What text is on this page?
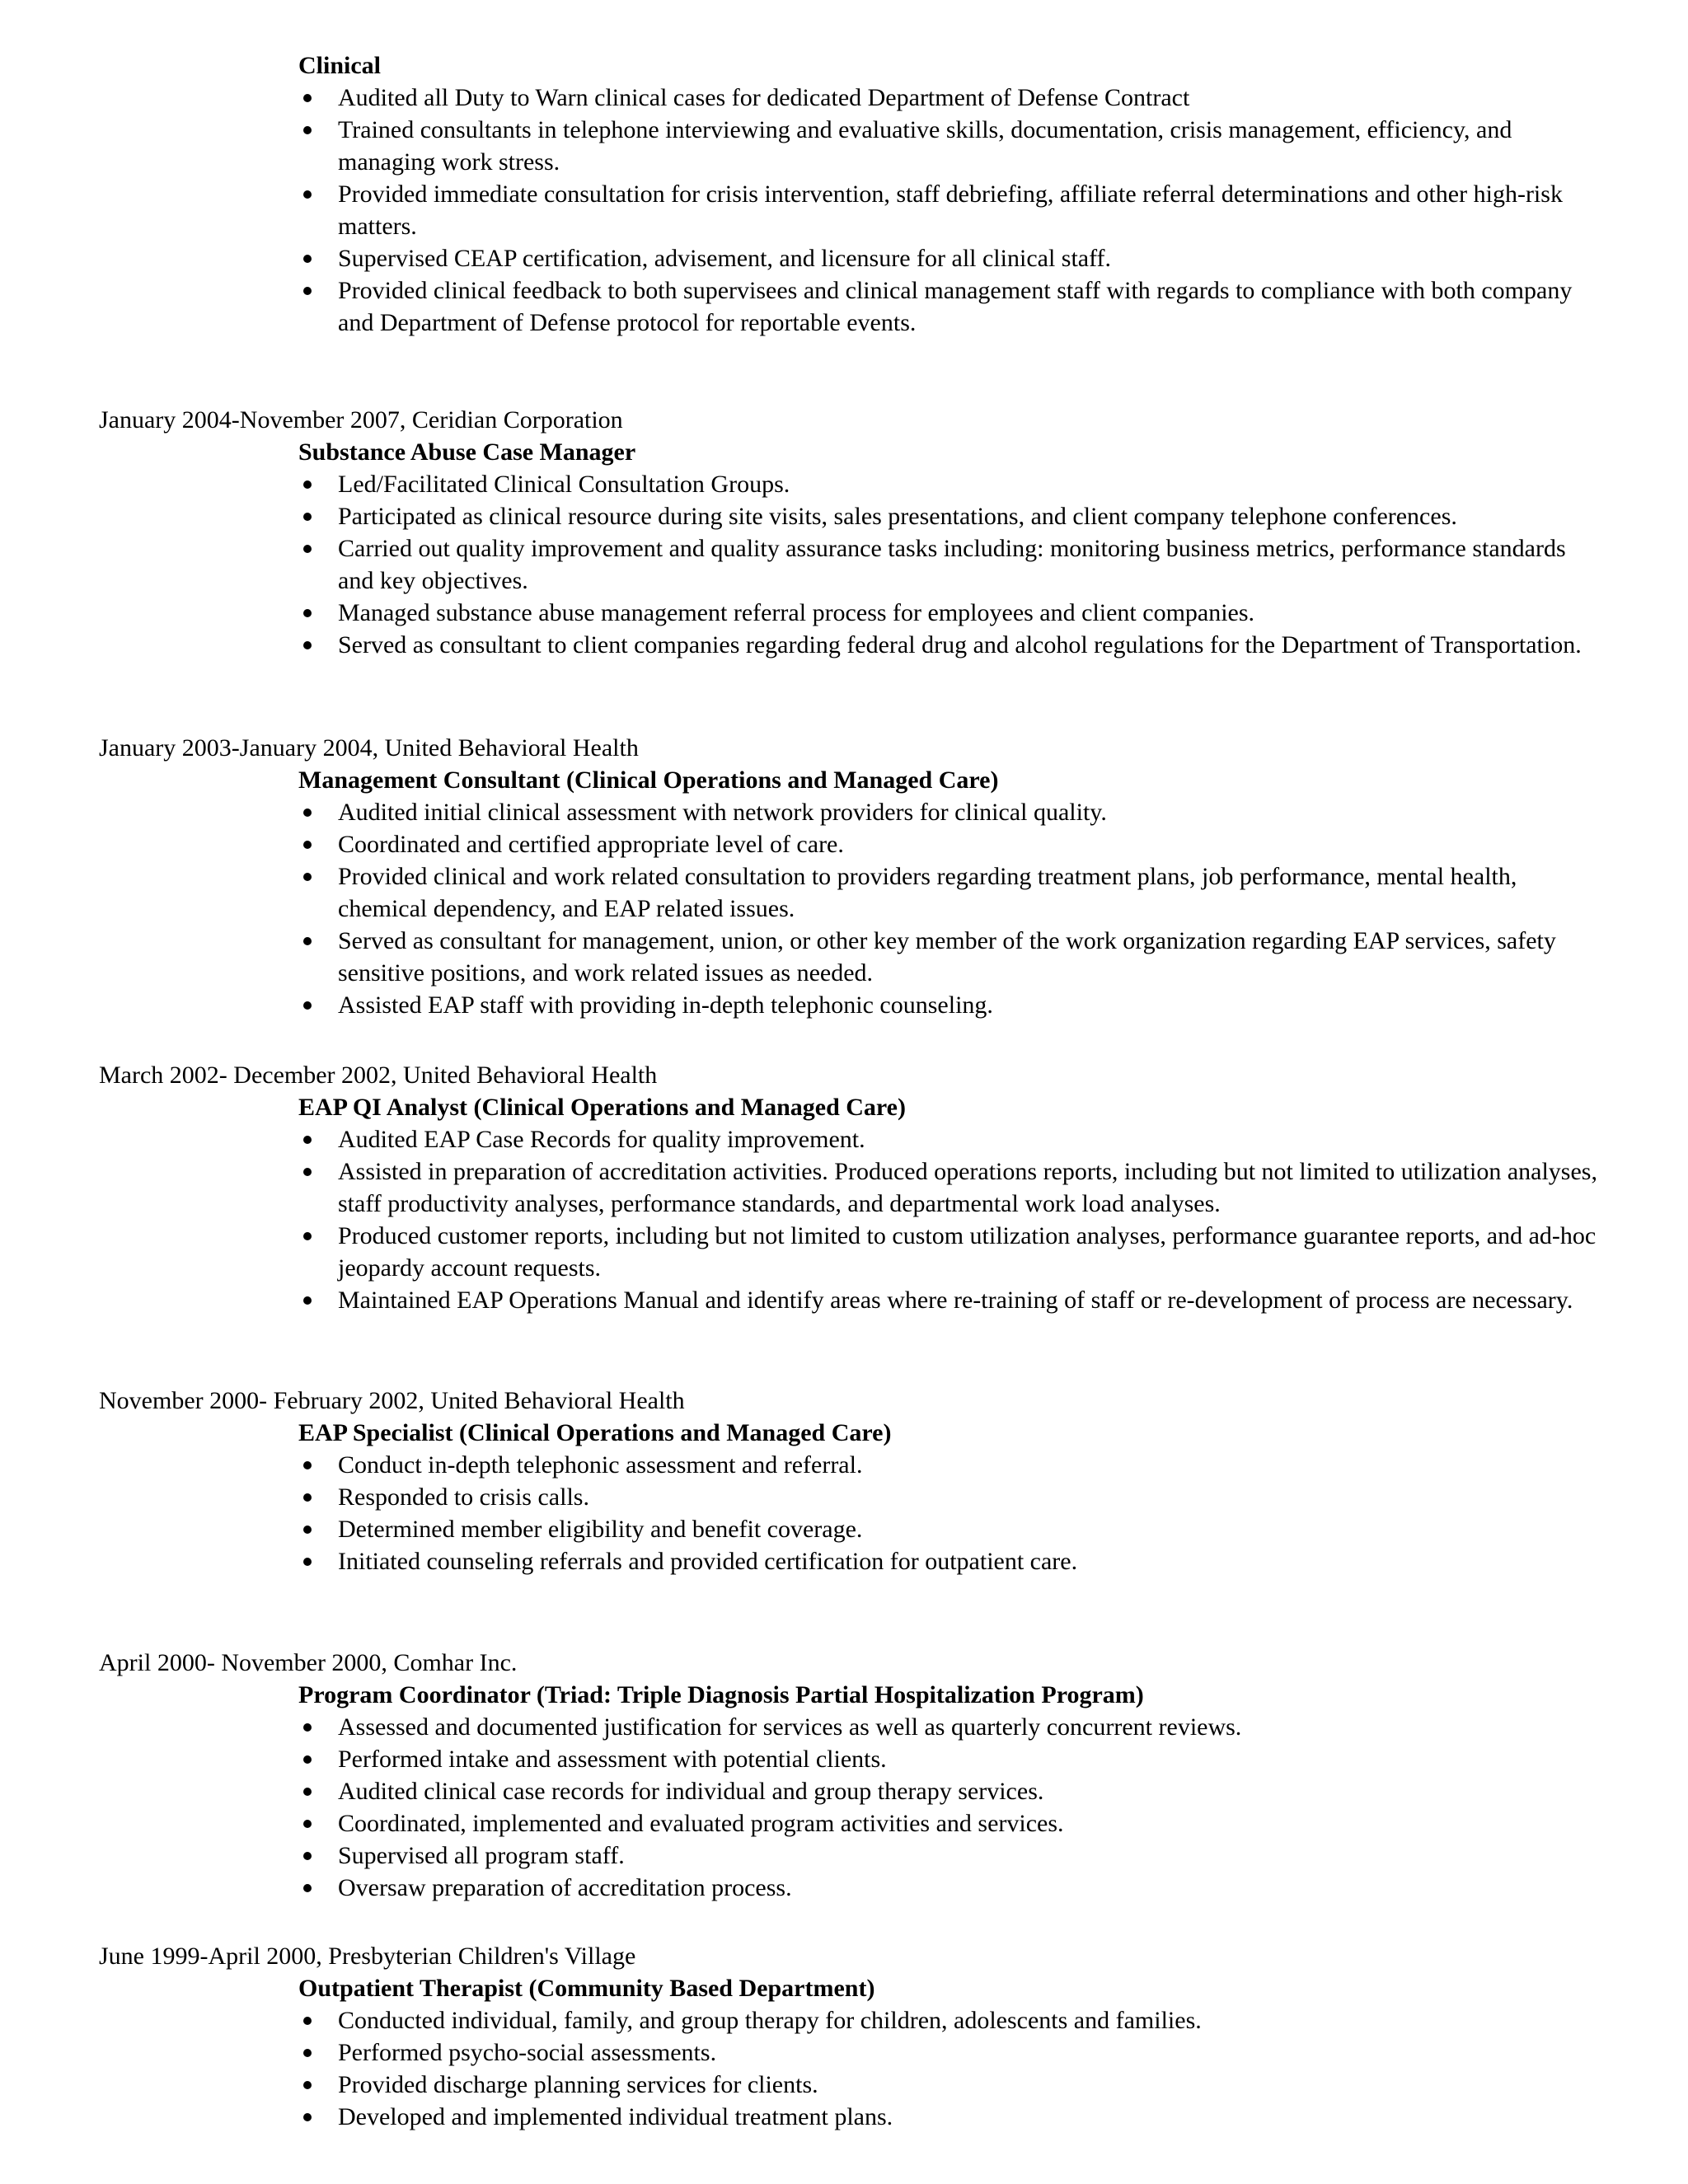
Clinical
Audited all Duty to Warn clinical cases for dedicated Department of Defense Contract
Trained consultants in telephone interviewing and evaluative skills, documentation, crisis management, efficiency, and managing work stress.
Provided immediate consultation for crisis intervention, staff debriefing, affiliate referral determinations and other high-risk matters.
Supervised CEAP certification, advisement, and licensure for all clinical staff.
Provided clinical feedback to both supervisees and clinical management staff with regards to compliance with both company and Department of Defense protocol for reportable events.
January 2004-November 2007, Ceridian Corporation
Substance Abuse Case Manager
Led/Facilitated Clinical Consultation Groups.
Participated as clinical resource during site visits, sales presentations, and client company telephone conferences.
Carried out quality improvement and quality assurance tasks including: monitoring business metrics, performance standards and key objectives.
Managed substance abuse management referral process for employees and client companies.
Served as consultant to client companies regarding federal drug and alcohol regulations for the Department of Transportation.
January 2003-January 2004, United Behavioral Health
Management Consultant (Clinical Operations and Managed Care)
Audited initial clinical assessment with network providers for clinical quality.
Coordinated and certified appropriate level of care.
Provided clinical and work related consultation to providers regarding treatment plans, job performance, mental health, chemical dependency, and EAP related issues.
Served as consultant for management, union, or other key member of the work organization regarding EAP services, safety sensitive positions, and work related issues as needed.
Assisted EAP staff with providing in-depth telephonic counseling.
March 2002- December 2002, United Behavioral Health
EAP QI Analyst (Clinical Operations and Managed Care)
Audited EAP Case Records for quality improvement.
Assisted in preparation of accreditation activities. Produced operations reports, including but not limited to utilization analyses, staff productivity analyses, performance standards, and departmental work load analyses.
Produced customer reports, including but not limited to custom utilization analyses, performance guarantee reports, and ad-hoc jeopardy account requests.
Maintained EAP Operations Manual and identify areas where re-training of staff or re-development of process are necessary.
November 2000- February 2002, United Behavioral Health
EAP Specialist (Clinical Operations and Managed Care)
Conduct in-depth telephonic assessment and referral.
Responded to crisis calls.
Determined member eligibility and benefit coverage.
Initiated counseling referrals and provided certification for outpatient care.
April 2000- November 2000, Comhar Inc.
Program Coordinator (Triad: Triple Diagnosis Partial Hospitalization Program)
Assessed and documented justification for services as well as quarterly concurrent reviews.
Performed intake and assessment with potential clients.
Audited clinical case records for individual and group therapy services.
Coordinated, implemented and evaluated program activities and services.
Supervised all program staff.
Oversaw preparation of accreditation process.
June 1999-April 2000, Presbyterian Children's Village
Outpatient Therapist (Community Based Department)
Conducted individual, family, and group therapy for children, adolescents and families.
Performed psycho-social assessments.
Provided discharge planning services for clients.
Developed and implemented individual treatment plans.
